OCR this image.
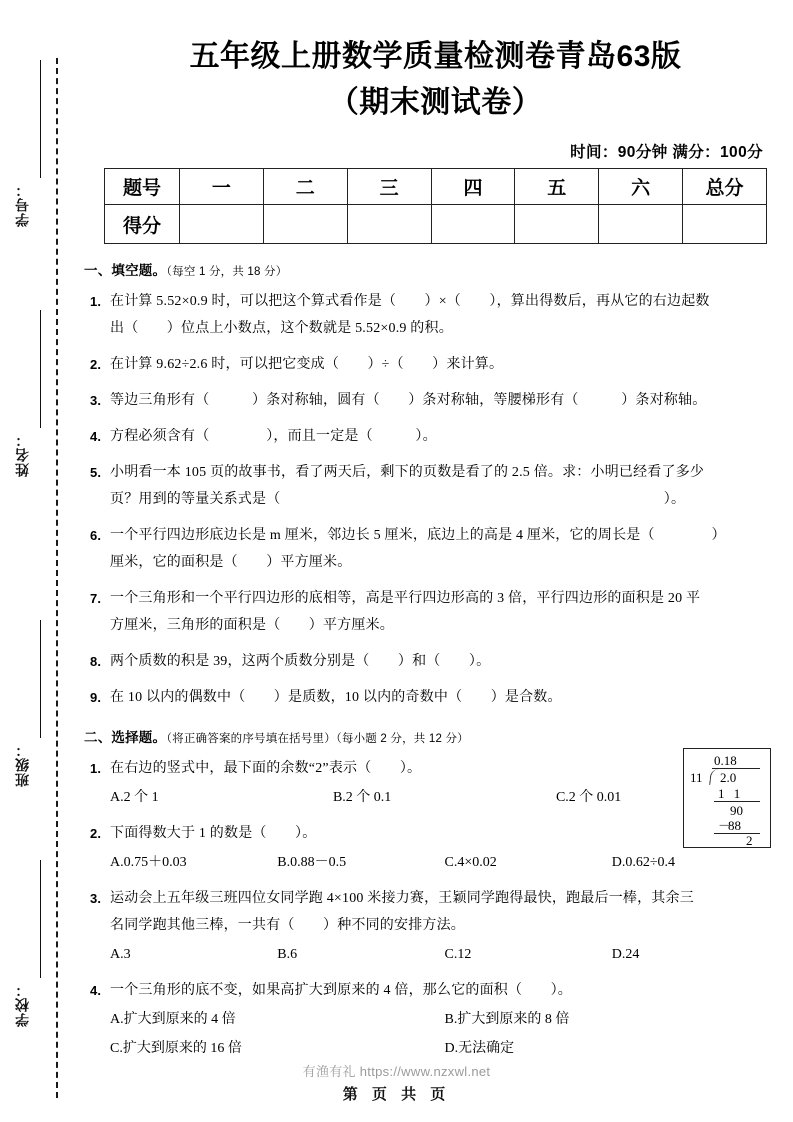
学号：
姓名：
班级：
学校：
五年级上册数学质量检测卷青岛63版
（期末测试卷）
时间：90分钟 满分：100分
题号	一	二	三	四	五	六	总分
得分							
一、填空题。（每空 1 分，共 18 分）
1. 在计算 5.52×0.9 时，可以把这个算式看作是（　　）×（　　），算出得数后，再从它的右边起数
出（　　）位点上小数点，这个数就是 5.52×0.9 的积。
2. 在计算 9.62÷2.6 时，可以把它变成（　　）÷（　　）来计算。
3. 等边三角形有（　　　）条对称轴，圆有（　　）条对称轴，等腰梯形有（　　　）条对称轴。
4. 方程必须含有（　　　　），而且一定是（　　　）。
5. 小明看一本 105 页的故事书，看了两天后，剩下的页数是看了的 2.5 倍。求：小明已经看了多少
页？用到的等量关系式是（　　　　　　　　　　　　　　　　　　　　　　　　　　　）。
6. 一个平行四边形底边长是 m 厘米，邻边长 5 厘米，底边上的高是 4 厘米，它的周长是（　　　　）
厘米，它的面积是（　　）平方厘米。
7. 一个三角形和一个平行四边形的底相等，高是平行四边形高的 3 倍，平行四边形的面积是 20 平
方厘米，三角形的面积是（　　）平方厘米。
8. 两个质数的积是 39，这两个质数分别是（　　）和（　　）。
9. 在 10 以内的偶数中（　　）是质数，10 以内的奇数中（　　）是合数。
二、选择题。（将正确答案的序号填在括号里）（每小题 2 分，共 12 分）
1. 在右边的竖式中，最下面的余数“2”表示（　　）。
A.2 个 1	B.2 个 0.1	C.2 个 0.01
2. 下面得数大于 1 的数是（　　）。
A.0.75＋0.03	B.0.88－0.5	C.4×0.02	D.0.62÷0.4
3. 运动会上五年级三班四位女同学跑 4×100 米接力赛，王颖同学跑得最快，跑最后一棒，其余三
名同学跑其他三棒，一共有（　　）种不同的安排方法。
A.3	B.6	C.12	D.24
4. 一个三角形的底不变，如果高扩大到原来的 4 倍，那么它的面积（　　）。
A.扩大到原来的 4 倍	B.扩大到原来的 8 倍
C.扩大到原来的 16 倍	D.无法确定
0.18
11 2.0
1 1
90
－
88
2
有渔有礼 https://www.nzxwl.net
第 页 共 页
